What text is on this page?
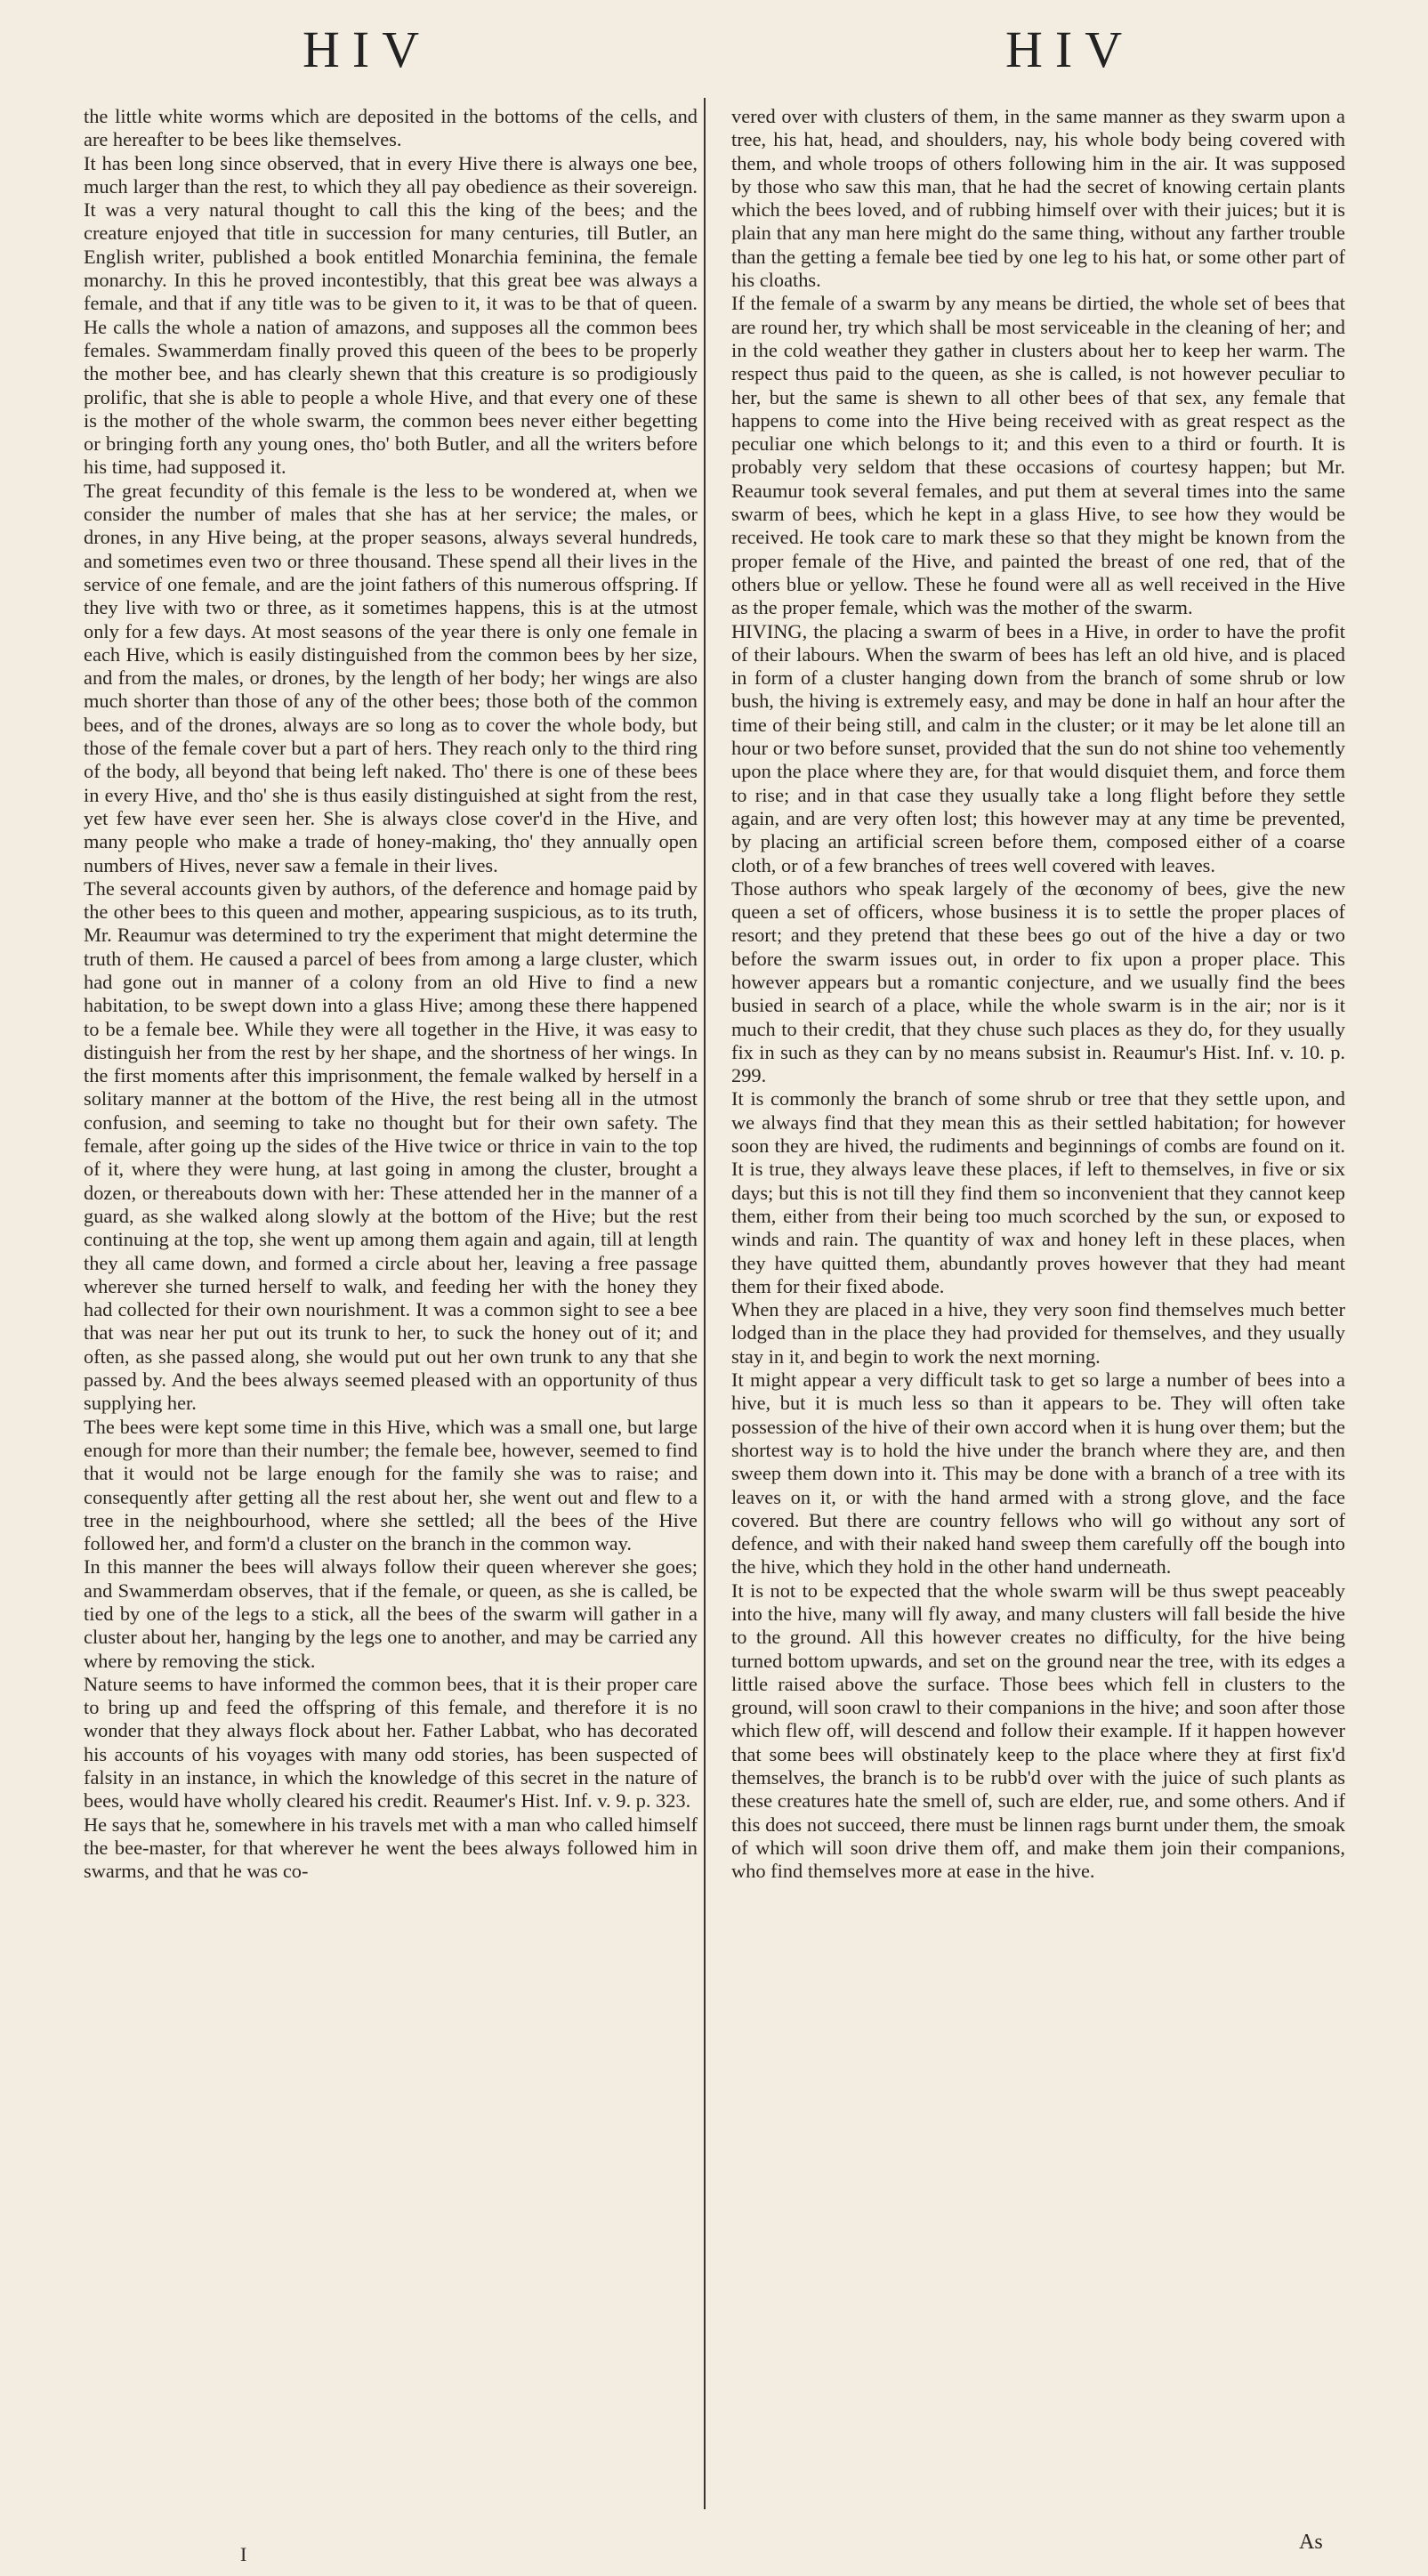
HIV	HIV

the little white worms which are deposited in the bottoms of the cells, and are hereafter to be bees like themselves.

It has been long since observed, that in every Hive there is always one bee, much larger than the rest, to which they all pay obedience as their sovereign. It was a very natural thought to call this the king of the bees; and the creature enjoyed that title in succession for many centuries, till Butler, an English writer, published a book entitled Monarchia feminina, the female monarchy. In this he proved incontestibly, that this great bee was always a female, and that if any title was to be given to it, it was to be that of queen. He calls the whole a nation of amazons, and supposes all the common bees females. Swammerdam finally proved this queen of the bees to be properly the mother bee, and has clearly shewn that this creature is so prodigiously prolific, that she is able to people a whole Hive, and that every one of these is the mother of the whole swarm, the common bees never either begetting or bringing forth any young ones, tho' both Butler, and all the writers before his time, had supposed it.

The great fecundity of this female is the less to be wondered at, when we consider the number of males that she has at her service; the males, or drones, in any Hive being, at the proper seasons, always several hundreds, and sometimes even two or three thousand. These spend all their lives in the service of one female, and are the joint fathers of this numerous offspring. If they live with two or three, as it sometimes happens, this is at the utmost only for a few days. At most seasons of the year there is only one female in each Hive, which is easily distinguished from the common bees by her size, and from the males, or drones, by the length of her body; her wings are also much shorter than those of any of the other bees; those both of the common bees, and of the drones, always are so long as to cover the whole body, but those of the female cover but a part of hers. They reach only to the third ring of the body, all beyond that being left naked. Tho' there is one of these bees in every Hive, and tho' she is thus easily distinguished at sight from the rest, yet few have ever seen her. She is always close cover'd in the Hive, and many people who make a trade of honey-making, tho' they annually open numbers of Hives, never saw a female in their lives.

The several accounts given by authors, of the deference and homage paid by the other bees to this queen and mother, appearing suspicious, as to its truth, Mr. Reaumur was determined to try the experiment that might determine the truth of them. He caused a parcel of bees from among a large cluster, which had gone out in manner of a colony from an old Hive to find a new habitation, to be swept down into a glass Hive; among these there happened to be a female bee. While they were all together in the Hive, it was easy to distinguish her from the rest by her shape, and the shortness of her wings. In the first moments after this imprisonment, the female walked by herself in a solitary manner at the bottom of the Hive, the rest being all in the utmost confusion, and seeming to take no thought but for their own safety. The female, after going up the sides of the Hive twice or thrice in vain to the top of it, where they were hung, at last going in among the cluster, brought a dozen, or thereabouts down with her: These attended her in the manner of a guard, as she walked along slowly at the bottom of the Hive; but the rest continuing at the top, she went up among them again and again, till at length they all came down, and formed a circle about her, leaving a free passage wherever she turned herself to walk, and feeding her with the honey they had collected for their own nourishment. It was a common sight to see a bee that was near her put out its trunk to her, to suck the honey out of it; and often, as she passed along, she would put out her own trunk to any that she passed by. And the bees always seemed pleased with an opportunity of thus supplying her.

The bees were kept some time in this Hive, which was a small one, but large enough for more than their number; the female bee, however, seemed to find that it would not be large enough for the family she was to raise; and consequently after getting all the rest about her, she went out and flew to a tree in the neighbourhood, where she settled; all the bees of the Hive followed her, and form'd a cluster on the branch in the common way.

In this manner the bees will always follow their queen wherever she goes; and Swammerdam observes, that if the female, or queen, as she is called, be tied by one of the legs to a stick, all the bees of the swarm will gather in a cluster about her, hanging by the legs one to another, and may be carried any where by removing the stick.

Nature seems to have informed the common bees, that it is their proper care to bring up and feed the offspring of this female, and therefore it is no wonder that they always flock about her. Father Labbat, who has decorated his accounts of his voyages with many odd stories, has been suspected of falsity in an instance, in which the knowledge of this secret in the nature of bees, would have wholly cleared his credit. Reaumer's Hist. Inf. v. 9. p. 323.

He says that he, somewhere in his travels met with a man who called himself the bee-master, for that wherever he went the bees always followed him in swarms, and that he was co-

vered over with clusters of them, in the same manner as they swarm upon a tree, his hat, head, and shoulders, nay, his whole body being covered with them, and whole troops of others following him in the air. It was supposed by those who saw this man, that he had the secret of knowing certain plants which the bees loved, and of rubbing himself over with their juices; but it is plain that any man here might do the same thing, without any farther trouble than the getting a female bee tied by one leg to his hat, or some other part of his cloaths.

If the female of a swarm by any means be dirtied, the whole set of bees that are round her, try which shall be most serviceable in the cleaning of her; and in the cold weather they gather in clusters about her to keep her warm. The respect thus paid to the queen, as she is called, is not however peculiar to her, but the same is shewn to all other bees of that sex, any female that happens to come into the Hive being received with as great respect as the peculiar one which belongs to it; and this even to a third or fourth. It is probably very seldom that these occasions of courtesy happen; but Mr. Reaumur took several females, and put them at several times into the same swarm of bees, which he kept in a glass Hive, to see how they would be received. He took care to mark these so that they might be known from the proper female of the Hive, and painted the breast of one red, that of the others blue or yellow. These he found were all as well received in the Hive as the proper female, which was the mother of the swarm.

HIVING, the placing a swarm of bees in a Hive, in order to have the profit of their labours. When the swarm of bees has left an old hive, and is placed in form of a cluster hanging down from the branch of some shrub or low bush, the hiving is extremely easy, and may be done in half an hour after the time of their being still, and calm in the cluster; or it may be let alone till an hour or two before sunset, provided that the sun do not shine too vehemently upon the place where they are, for that would disquiet them, and force them to rise; and in that case they usually take a long flight before they settle again, and are very often lost; this however may at any time be prevented, by placing an artificial screen before them, composed either of a coarse cloth, or of a few branches of trees well covered with leaves.

Those authors who speak largely of the œconomy of bees, give the new queen a set of officers, whose business it is to settle the proper places of resort; and they pretend that these bees go out of the hive a day or two before the swarm issues out, in order to fix upon a proper place. This however appears but a romantic conjecture, and we usually find the bees busied in search of a place, while the whole swarm is in the air; nor is it much to their credit, that they chuse such places as they do, for they usually fix in such as they can by no means subsist in. Reaumur's Hist. Inf. v. 10. p. 299.

It is commonly the branch of some shrub or tree that they settle upon, and we always find that they mean this as their settled habitation; for however soon they are hived, the rudiments and beginnings of combs are found on it. It is true, they always leave these places, if left to themselves, in five or six days; but this is not till they find them so inconvenient that they cannot keep them, either from their being too much scorched by the sun, or exposed to winds and rain. The quantity of wax and honey left in these places, when they have quitted them, abundantly proves however that they had meant them for their fixed abode.

When they are placed in a hive, they very soon find themselves much better lodged than in the place they had provided for themselves, and they usually stay in it, and begin to work the next morning.

It might appear a very difficult task to get so large a number of bees into a hive, but it is much less so than it appears to be. They will often take possession of the hive of their own accord when it is hung over them; but the shortest way is to hold the hive under the branch where they are, and then sweep them down into it. This may be done with a branch of a tree with its leaves on it, or with the hand armed with a strong glove, and the face covered. But there are country fellows who will go without any sort of defence, and with their naked hand sweep them carefully off the bough into the hive, which they hold in the other hand underneath.

It is not to be expected that the whole swarm will be thus swept peaceably into the hive, many will fly away, and many clusters will fall beside the hive to the ground. All this however creates no difficulty, for the hive being turned bottom upwards, and set on the ground near the tree, with its edges a little raised above the surface. Those bees which fell in clusters to the ground, will soon crawl to their companions in the hive; and soon after those which flew off, will descend and follow their example. If it happen however that some bees will obstinately keep to the place where they at first fix'd themselves, the branch is to be rubb'd over with the juice of such plants as these creatures hate the smell of, such are elder, rue, and some others. And if this does not succeed, there must be linnen rags burnt under them, the smoak of which will soon drive them off, and make them join their companions, who find themselves more at ease in the hive.

I
As
